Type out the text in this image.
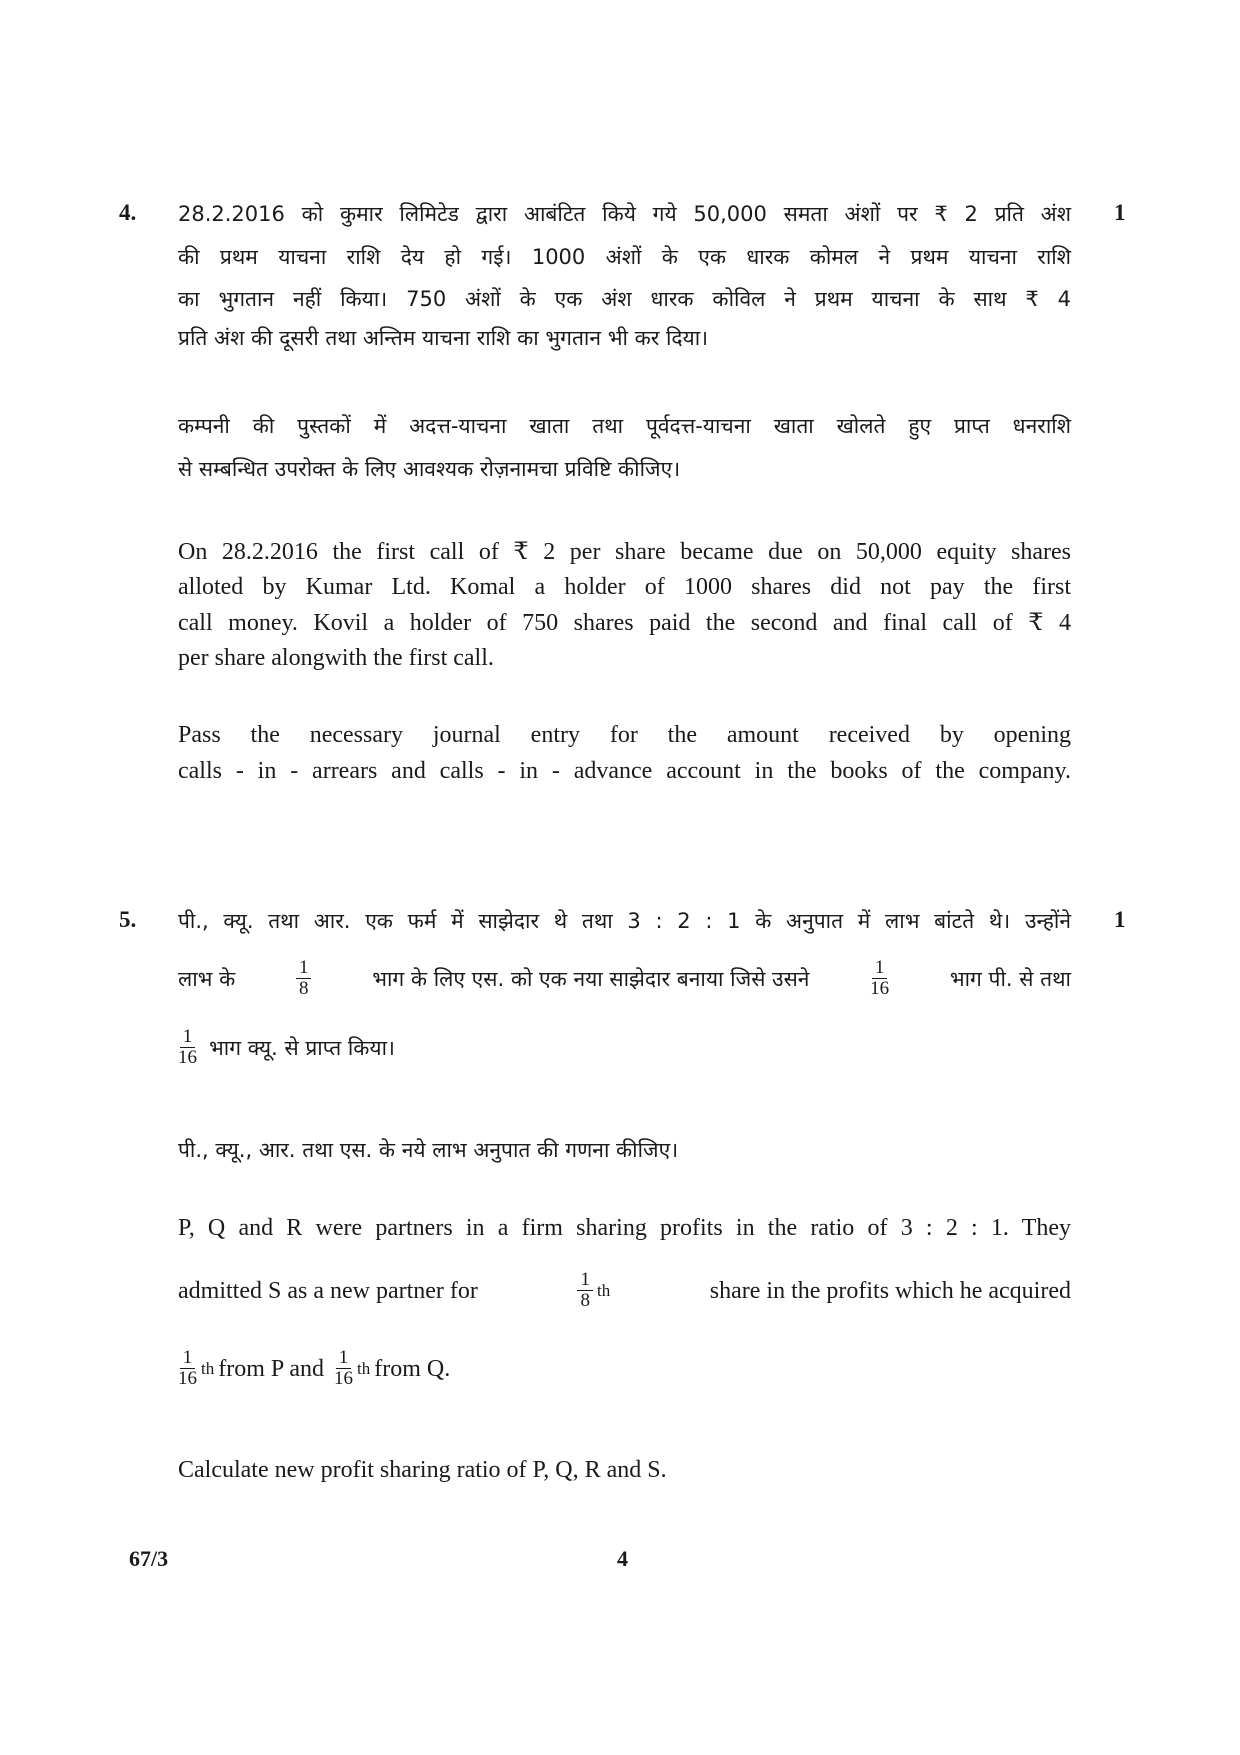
4.	1
28.2.2016 को कुमार लिमिटेड द्वारा आबंटित किये गये 50,000 समता अंशों पर ₹ 2 प्रति अंश
की प्रथम याचना राशि देय हो गई। 1000 अंशों के एक धारक कोमल ने प्रथम याचना राशि
का भुगतान नहीं किया। 750 अंशों के एक अंश धारक कोविल ने प्रथम याचना के साथ ₹ 4
प्रति अंश की दूसरी तथा अन्तिम याचना राशि का भुगतान भी कर दिया।
कम्पनी की पुस्तकों में अदत्त-याचना खाता तथा पूर्वदत्त-याचना खाता खोलते हुए प्राप्त धनराशि
से सम्बन्धित उपरोक्त के लिए आवश्यक रोज़नामचा प्रविष्टि कीजिए।
On 28.2.2016 the first call of ₹ 2 per share became due on 50,000 equity shares
alloted by Kumar Ltd. Komal a holder of 1000 shares did not pay the first
call money. Kovil a holder of 750 shares paid the second and final call of ₹ 4
per share alongwith the first call.
Pass the necessary journal entry for the amount received by opening
calls - in - arrears and calls - in - advance account in the books of the company.
5.	1
पी., क्यू. तथा आर. एक फर्म में साझेदार थे तथा 3 : 2 : 1 के अनुपात में लाभ बांटते थे। उन्होंने
लाभ के	$\frac{1}{8}$	भाग के लिए एस. को एक नया साझेदार बनाया जिसे उसने	$\frac{1}{16}$	भाग पी. से तथा
$\frac{1}{16}$ भाग क्यू. से प्राप्त किया।
पी., क्यू., आर. तथा एस. के नये लाभ अनुपात की गणना कीजिए।
P, Q and R were partners in a firm sharing profits in the ratio of 3 : 2 : 1. They
admitted S as a new partner for	$\frac{1}{8}$ th	share in the profits which he acquired
$\frac{1}{16}$ th from P and $\frac{1}{16}$ th from Q.
Calculate new profit sharing ratio of P, Q, R and S.
67/3	4
